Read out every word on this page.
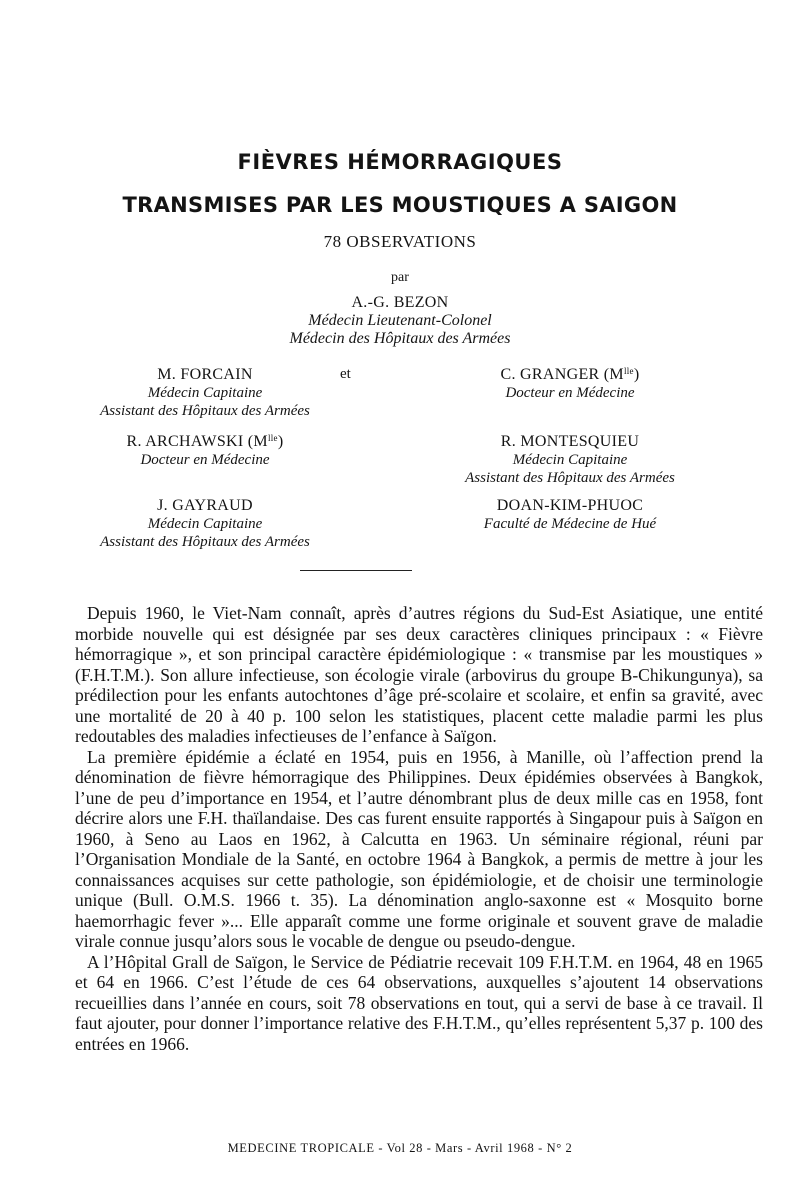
FIÈVRES HÉMORRAGIQUES
TRANSMISES PAR LES MOUSTIQUES A SAIGON
78 OBSERVATIONS
par
A.-G. BEZON
Médecin Lieutenant-Colonel
Médecin des Hôpitaux des Armées
et
M. FORCAIN
Médecin Capitaine
Assistant des Hôpitaux des Armées
R. ARCHAWSKI $(M^{lle})$
Docteur en Médecine
J. GAYRAUD
Médecin Capitaine
Assistant des Hôpitaux des Armées
C. GRANGER $(M^{lle})$
Docteur en Médecine
R. MONTESQUIEU
Médecin Capitaine
Assistant des Hôpitaux des Armées
DOAN-KIM-PHUOC
Faculté de Médecine de Hué

Depuis 1960, le Viet-Nam connaît, après d’autres régions du Sud-Est Asiatique, une entité morbide nouvelle qui est désignée par ses deux caractères cliniques principaux : « Fièvre hémorragique », et son principal caractère épidémiologique : « transmise par les moustiques » (F.H.T.M.). Son allure infectieuse, son écologie virale (arbovirus du groupe B-Chikungunya), sa prédilection pour les enfants autochtones d’âge pré-scolaire et scolaire, et enfin sa gravité, avec une mortalité de 20 à 40 p. 100 selon les statistiques, placent cette maladie parmi les plus redoutables des maladies infectieuses de l’enfance à Saïgon.

La première épidémie a éclaté en 1954, puis en 1956, à Manille, où l’affection prend la dénomination de fièvre hémorragique des Philippines. Deux épidémies observées à Bangkok, l’une de peu d’importance en 1954, et l’autre dénombrant plus de deux mille cas en 1958, font décrire alors une F.H. thaïlandaise. Des cas furent ensuite rapportés à Singapour puis à Saïgon en 1960, à Seno au Laos en 1962, à Calcutta en 1963. Un séminaire régional, réuni par l’Organisation Mondiale de la Santé, en octobre 1964 à Bangkok, a permis de mettre à jour les connaissances acquises sur cette pathologie, son épidémiologie, et de choisir une terminologie unique (Bull. O.M.S. 1966 t. 35). La dénomination anglo-saxonne est « Mosquito borne haemorrhagic fever »... Elle apparaît comme une forme originale et souvent grave de maladie virale connue jusqu’alors sous le vocable de dengue ou pseudo-dengue.

A l’Hôpital Grall de Saïgon, le Service de Pédiatrie recevait 109 F.H.T.M. en 1964, 48 en 1965 et 64 en 1966. C’est l’étude de ces 64 observations, auxquelles s’ajoutent 14 observations recueillies dans l’année en cours, soit 78 observations en tout, qui a servi de base à ce travail. Il faut ajouter, pour donner l’importance relative des F.H.T.M., qu’elles représentent 5,37 p. 100 des entrées en 1966.

MEDECINE TROPICALE - Vol 28 - Mars - Avril 1968 - N° 2
